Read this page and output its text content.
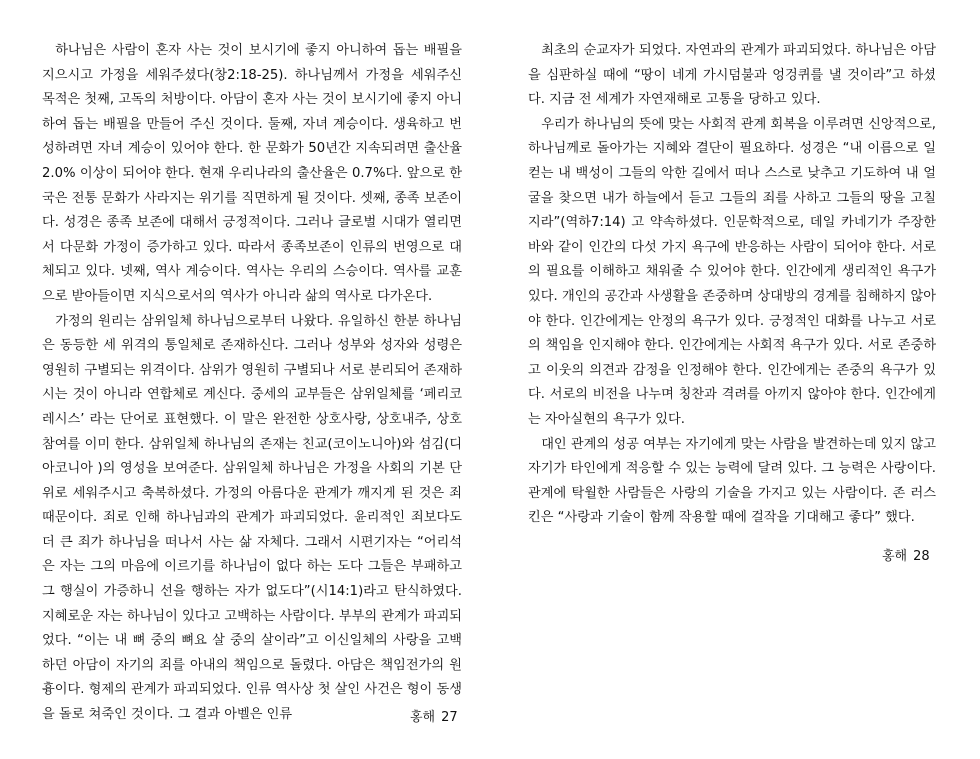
하나님은 사람이 혼자 사는 것이 보시기에 좋지 아니하여 돕는 배필을 지으시고 가정을 세워주셨다(창2:18-25). 하나님께서 가정을 세워주신 목적은 첫째, 고독의 처방이다. 아담이 혼자 사는 것이 보시기에 좋지 아니하여 돕는 배필을 만들어 주신 것이다. 둘째, 자녀 계승이다. 생육하고 번성하려면 자녀 계승이 있어야 한다. 한 문화가 50년간 지속되려면 출산율 2.0% 이상이 되어야 한다. 현재 우리나라의 출산율은 0.7%다. 앞으로 한국은 전통 문화가 사라지는 위기를 직면하게 될 것이다. 셋째, 종족 보존이다. 성경은 종족 보존에 대해서 긍정적이다. 그러나 글로벌 시대가 열리면서 다문화 가정이 증가하고 있다. 따라서 종족보존이 인류의 번영으로 대체되고 있다. 넷째, 역사 계승이다. 역사는 우리의 스승이다. 역사를 교훈으로 받아들이면 지식으로서의 역사가 아니라 삶의 역사로 다가온다.

가정의 원리는 삼위일체 하나님으로부터 나왔다. 유일하신 한분 하나님은 동등한 세 위격의 통일체로 존재하신다. 그러나 성부와 성자와 성령은 영원히 구별되는 위격이다. 삼위가 영원히 구별되나 서로 분리되어 존재하시는 것이 아니라 연합체로 계신다. 중세의 교부들은 삼위일체를 ‘페리코레시스’ 라는 단어로 표현했다. 이 말은 완전한 상호사랑, 상호내주, 상호참여를 이미 한다. 삼위일체 하나님의 존재는 친교(코이노니아)와 섬김(디아코니아 )의 영성을 보여준다. 삼위일체 하나님은 가정을 사회의 기본 단위로 세워주시고 축복하셨다. 가정의 아름다운 관계가 깨지게 된 것은 죄 때문이다. 죄로 인해 하나님과의 관계가 파괴되었다. 윤리적인 죄보다도 더 큰 죄가 하나님을 떠나서 사는 삶 자체다. 그래서 시편기자는 “어리석은 자는 그의 마음에 이르기를 하나님이 없다 하는 도다 그들은 부패하고 그 행실이 가증하니 선을 행하는 자가 없도다”(시14:1)라고 탄식하였다. 지혜로운 자는 하나님이 있다고 고백하는 사람이다. 부부의 관계가 파괴되었다. “이는 내 뼈 중의 뼈요 살 중의 살이라”고 이신일체의 사랑을 고백하던 아담이 자기의 죄를 아내의 책임으로 돌렸다. 아담은 책임전가의 원흉이다. 형제의 관계가 파괴되었다. 인류 역사상 첫 살인 사건은 형이 동생을 돌로 쳐죽인 것이다. 그 결과 아벨은 인류	홍해 27

최초의 순교자가 되었다. 자연과의 관계가 파괴되었다. 하나님은 아담을 심판하실 때에 “땅이 네게 가시덤불과 엉겅퀴를 낼 것이라”고 하셨다. 지금 전 세계가 자연재해로 고통을 당하고 있다.

우리가 하나님의 뜻에 맞는 사회적 관계 회복을 이루려면 신앙적으로, 하나님께로 돌아가는 지혜와 결단이 필요하다. 성경은 “내 이름으로 일컫는 내 백성이 그들의 악한 길에서 떠나 스스로 낮추고 기도하여 내 얼굴을 찾으면 내가 하늘에서 듣고 그들의 죄를 사하고 그들의 땅을 고칠지라”(역하7:14) 고 약속하셨다. 인문학적으로, 데일 카네기가 주장한 바와 같이 인간의 다섯 가지 욕구에 반응하는 사람이 되어야 한다. 서로의 필요를 이해하고 채워줄 수 있어야 한다. 인간에게 생리적인 욕구가 있다. 개인의 공간과 사생활을 존중하며 상대방의 경계를 침해하지 않아야 한다. 인간에게는 안정의 욕구가 있다. 긍정적인 대화를 나누고 서로의 책임을 인지해야 한다. 인간에게는 사회적 욕구가 있다. 서로 존중하고 이웃의 의견과 감정을 인정해야 한다. 인간에게는 존중의 욕구가 있다. 서로의 비전을 나누며 칭찬과 격려를 아끼지 않아야 한다. 인간에게는 자아실현의 욕구가 있다.

대인 관계의 성공 여부는 자기에게 맞는 사람을 발견하는데 있지 않고 자기가 타인에게 적응할 수 있는 능력에 달려 있다. 그 능력은 사랑이다. 관계에 탁월한 사람들은 사랑의 기술을 가지고 있는 사람이다. 존 러스킨은 “사랑과 기술이 함께 작용할 때에 걸작을 기대해고 좋다” 했다.

홍해 28
